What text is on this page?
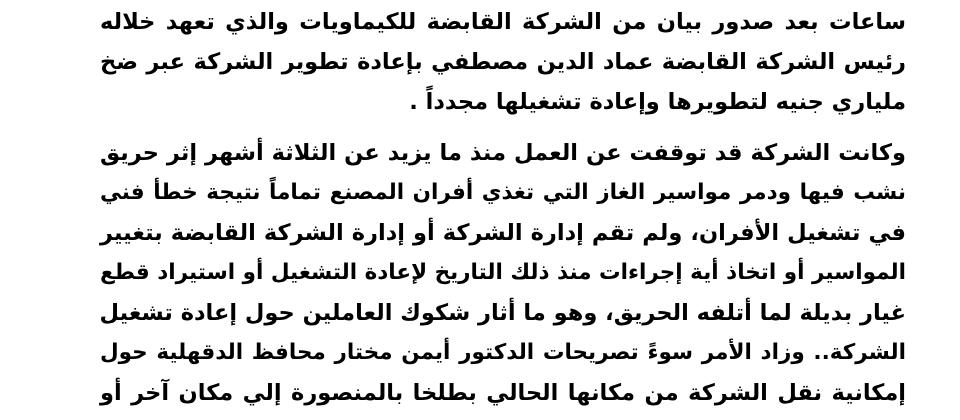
ساعات بعد صدور بيان من الشركة القابضة للكيماويات والذي تعهد خلاله
رئيس الشركة القابضة عماد الدين مصطفي بإعادة تطوير الشركة عبر ضخ
ملياري جنيه لتطويرها وإعادة تشغيلها مجدداً .
وكانت الشركة قد توقفت عن العمل منذ ما يزيد عن الثلاثة أشهر إثر حريق
نشب فيها ودمر مواسير الغاز التي تغذي أفران المصنع تماماً نتيجة خطأ فني
في تشغيل الأفران، ولم تقم إدارة الشركة أو إدارة الشركة القابضة بتغيير
المواسير أو اتخاذ أية إجراءات منذ ذلك التاريخ لإعادة التشغيل أو استيراد قطع
غيار بديلة لما أتلفه الحريق، وهو ما أثار شكوك العاملين حول إعادة تشغيل
الشركة.. وزاد الأمر سوءً تصريحات الدكتور أيمن مختار محافظ الدقهلية حول
إمكانية نقل الشركة من مكانها الحالي بطلخا بالمنصورة إلي مكان آخر أو
